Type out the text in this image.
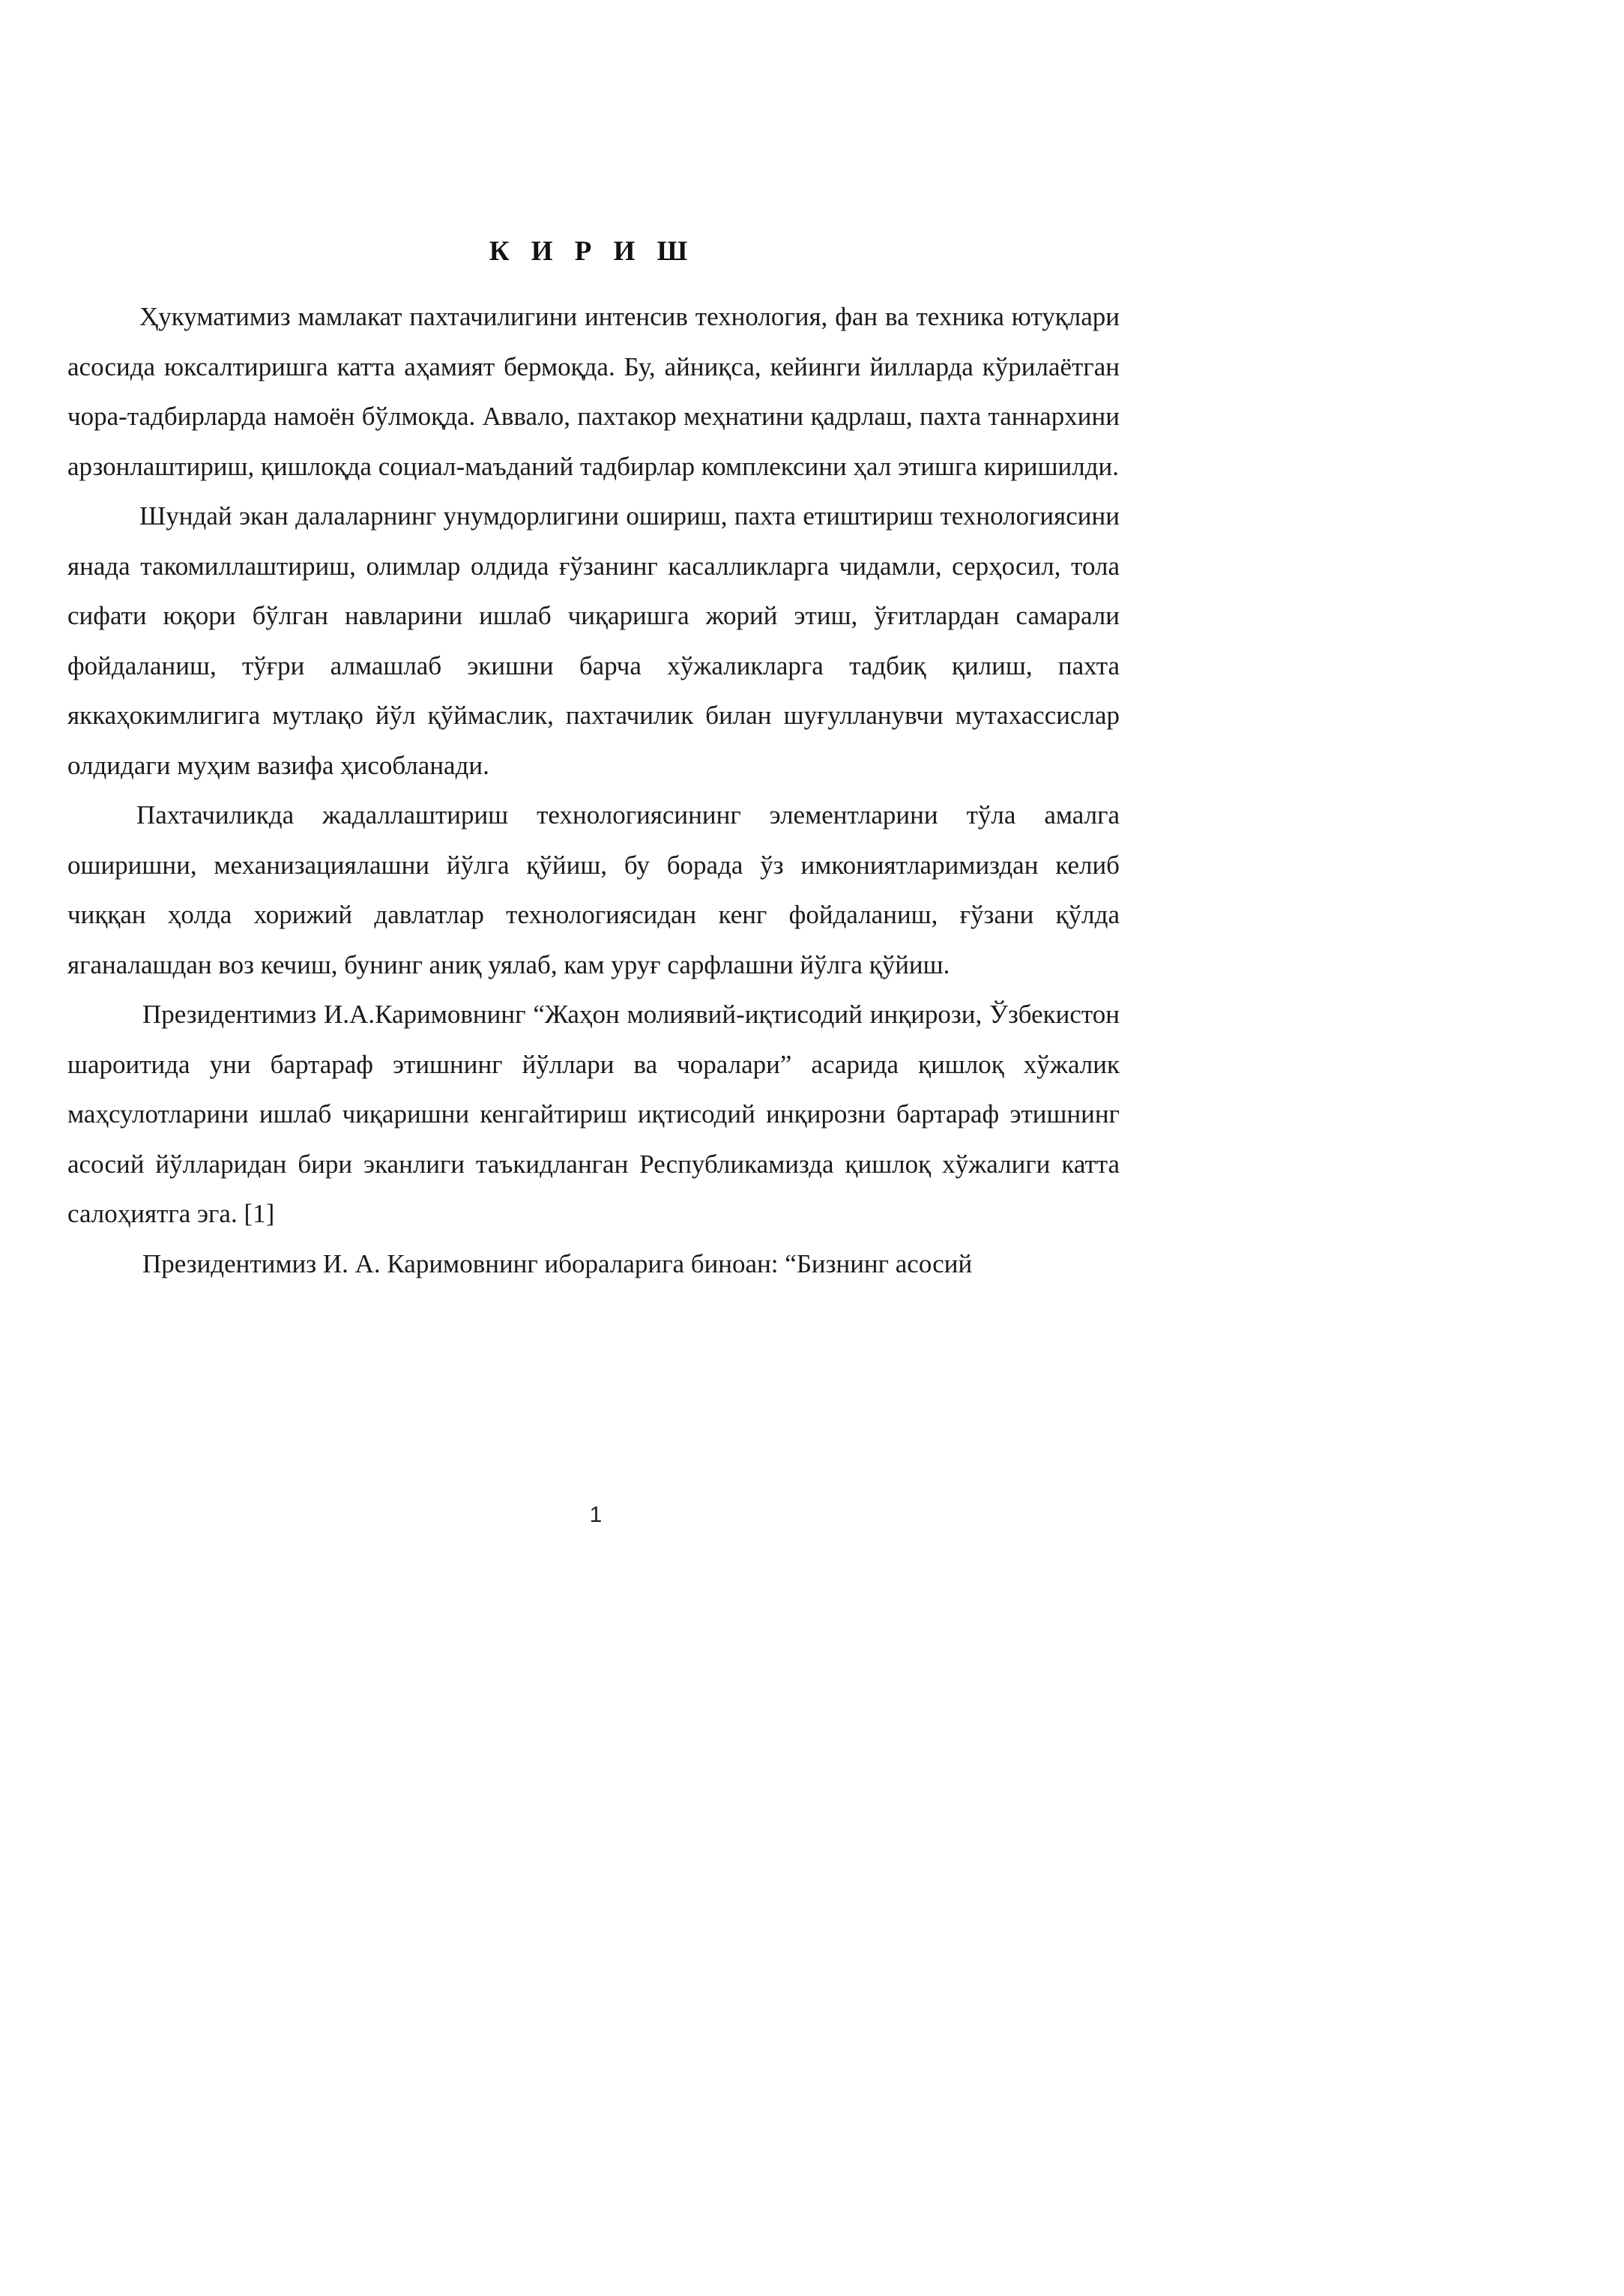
К И Р И Ш

Ҳукуматимиз мамлакат пахтачилигини интенсив технология, фан ва техника ютуқлари асосида юксалтиришга катта аҳамият бермоқда. Бу, айниқса, кейинги йилларда кўрилаётган чора-тадбирларда намоён бўлмоқда. Аввало, пахтакор меҳнатини қадрлаш, пахта таннархини арзонлаштириш, қишлоқда социал-маъданий тадбирлар комплексини ҳал этишга киришилди.

Шундай экан далаларнинг унумдорлигини ошириш, пахта етиштириш технологиясини янада такомиллаштириш, олимлар олдида ғўзанинг касалликларга чидамли, серҳосил, тола сифати юқори бўлган навларини ишлаб чиқаришга жорий этиш, ўғитлардан самарали фойдаланиш, тўғри алмашлаб экишни барча хўжаликларга тадбиқ қилиш, пахта яккаҳокимлигига мутлақо йўл қўймаслик, пахтачилик билан шуғулланувчи мутахассислар олдидаги муҳим вазифа ҳисобланади.

Пахтачиликда жадаллаштириш технологиясининг элементларини тўла амалга оширишни, механизациялашни йўлга қўйиш, бу борада ўз имкониятларимиздан келиб чиққан ҳолда хорижий давлатлар технологиясидан кенг фойдаланиш, ғўзани қўлда яганалашдан воз кечиш, бунинг аниқ уялаб, кам уруғ сарфлашни йўлга қўйиш.

Президентимиз И.А.Каримовнинг “Жаҳон молиявий-иқтисодий инқирози, Ўзбекистон шароитида уни бартараф этишнинг йўллари ва чоралари” асарида қишлоқ хўжалик маҳсулотларини ишлаб чиқаришни кенгайтириш иқтисодий инқирозни бартараф этишнинг асосий йўлларидан бири эканлиги таъкидланган Республикамизда қишлоқ хўжалиги катта салоҳиятга эга. [1]

Президентимиз И. А. Каримовнинг ибораларига биноан: “Бизнинг асосий

1
